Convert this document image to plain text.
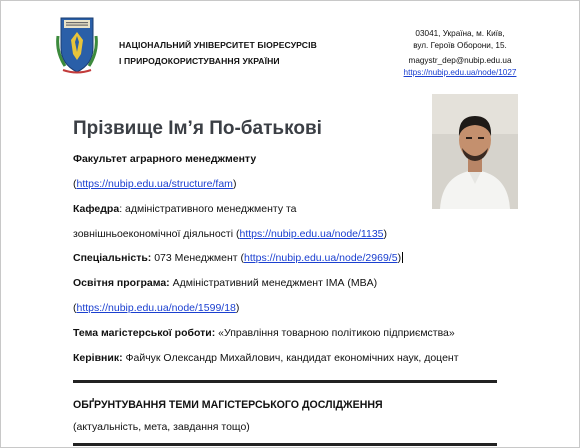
НАЦІОНАЛЬНИЙ УНІВЕРСИТЕТ БІОРЕСУРСІВ
І ПРИРОДОКОРИСТУВАННЯ УКРАЇНИ
03041, Україна, м. Київ,
вул. Героїв Оборони, 15.
magystr_dep@nubip.edu.ua
https://nubip.edu.ua/node/1027
Прізвище Ім’я По-батькові
Факультет аграрного менеджменту
(https://nubip.edu.ua/structure/fam)
Кафедра: адміністративного менеджменту та
зовнішньоекономічної діяльності (https://nubip.edu.ua/node/1135)
Спеціальність: 073 Менеджмент (https://nubip.edu.ua/node/2969/5)
Освітня програма: Адміністративний менеджмент ІМА (MBA)
(https://nubip.edu.ua/node/1599/18)
Тема магістерської роботи: «Управління товарною політикою підприємства»
Керівник: Файчук Олександр Михайлович, кандидат економічних наук, доцент
ОБҐРУНТУВАННЯ ТЕМИ МАГІСТЕРСЬКОГО ДОСЛІДЖЕННЯ
(актуальність, мета, завдання тощо)
